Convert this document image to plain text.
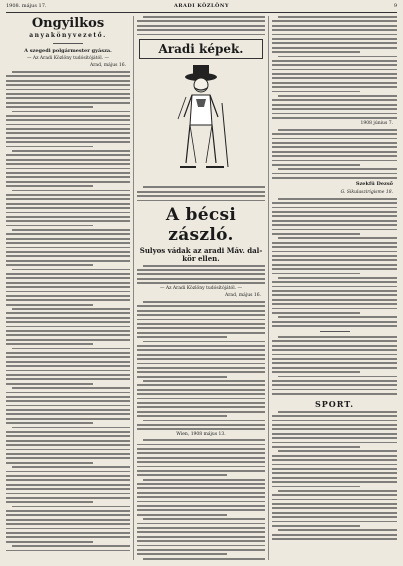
1908. május 17.	ARADI KÖZLÖNY	9
Ongyilkos
anyakönyvezető.
A szegedi polgármester gyásza.
— Az Aradi Közlöny tudósítójától. —
Arad, május 16.
Aradi képek.
A bécsi zászló.
Sulyos vádak az aradi Máv. dal- kör ellen.
— Az Aradi Közlöny tudósítójától. —
Arad, május 16.
Wien, 1908 május 13.
1908 június 7.
Szekfü Dezső
G. Sikulaszirigisme 18.
SPORT.
